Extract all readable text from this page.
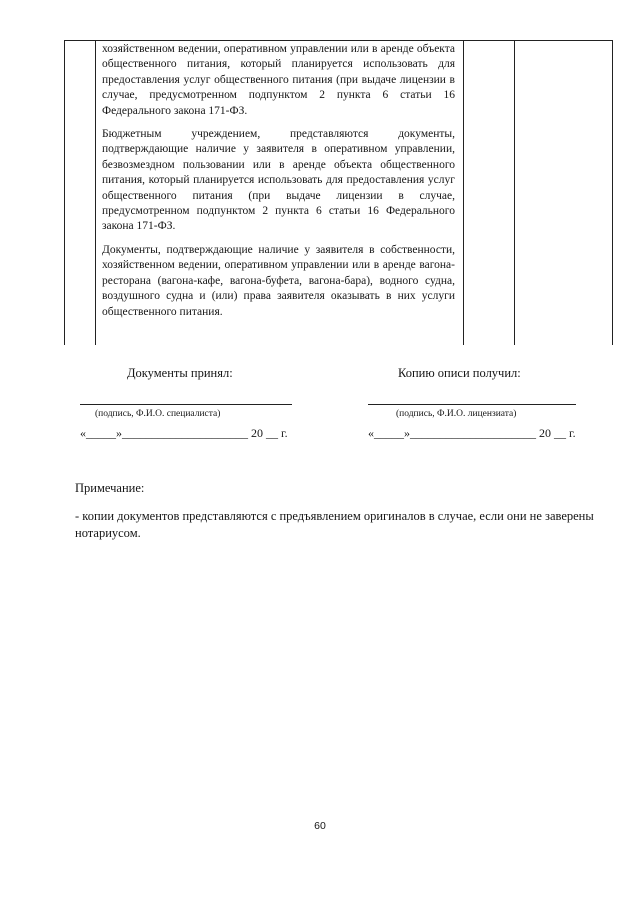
хозяйственном ведении, оперативном управлении или в аренде объекта общественного питания, который планируется использовать для предоставления услуг общественного питания (при выдаче лицензии в случае, предусмотренном подпунктом 2 пункта 6 статьи 16 Федерального закона 171-ФЗ.

Бюджетным учреждением, представляются документы, подтверждающие наличие у заявителя в оперативном управлении, безвозмездном пользовании или в аренде объекта общественного питания, который планируется использовать для предоставления услуг общественного питания (при выдаче лицензии в случае, предусмотренном подпунктом 2 пункта 6 статьи 16 Федерального закона 171-ФЗ.

Документы, подтверждающие наличие у заявителя в собственности, хозяйственном ведении, оперативном управлении или в аренде вагона-ресторана (вагона-кафе, вагона-буфета, вагона-бара), водного судна, воздушного судна и (или) права заявителя оказывать в них услуги общественного питания.

Документы принял:
(подпись, Ф.И.О. специалиста)
«_____»_____________________ 20 __ г.
Копию описи получил:
(подпись, Ф.И.О. лицензиата)
«_____»_____________________ 20 __ г.
Примечание:
- копии документов представляются с предъявлением оригиналов в случае, если они не заверены нотариусом.
60
